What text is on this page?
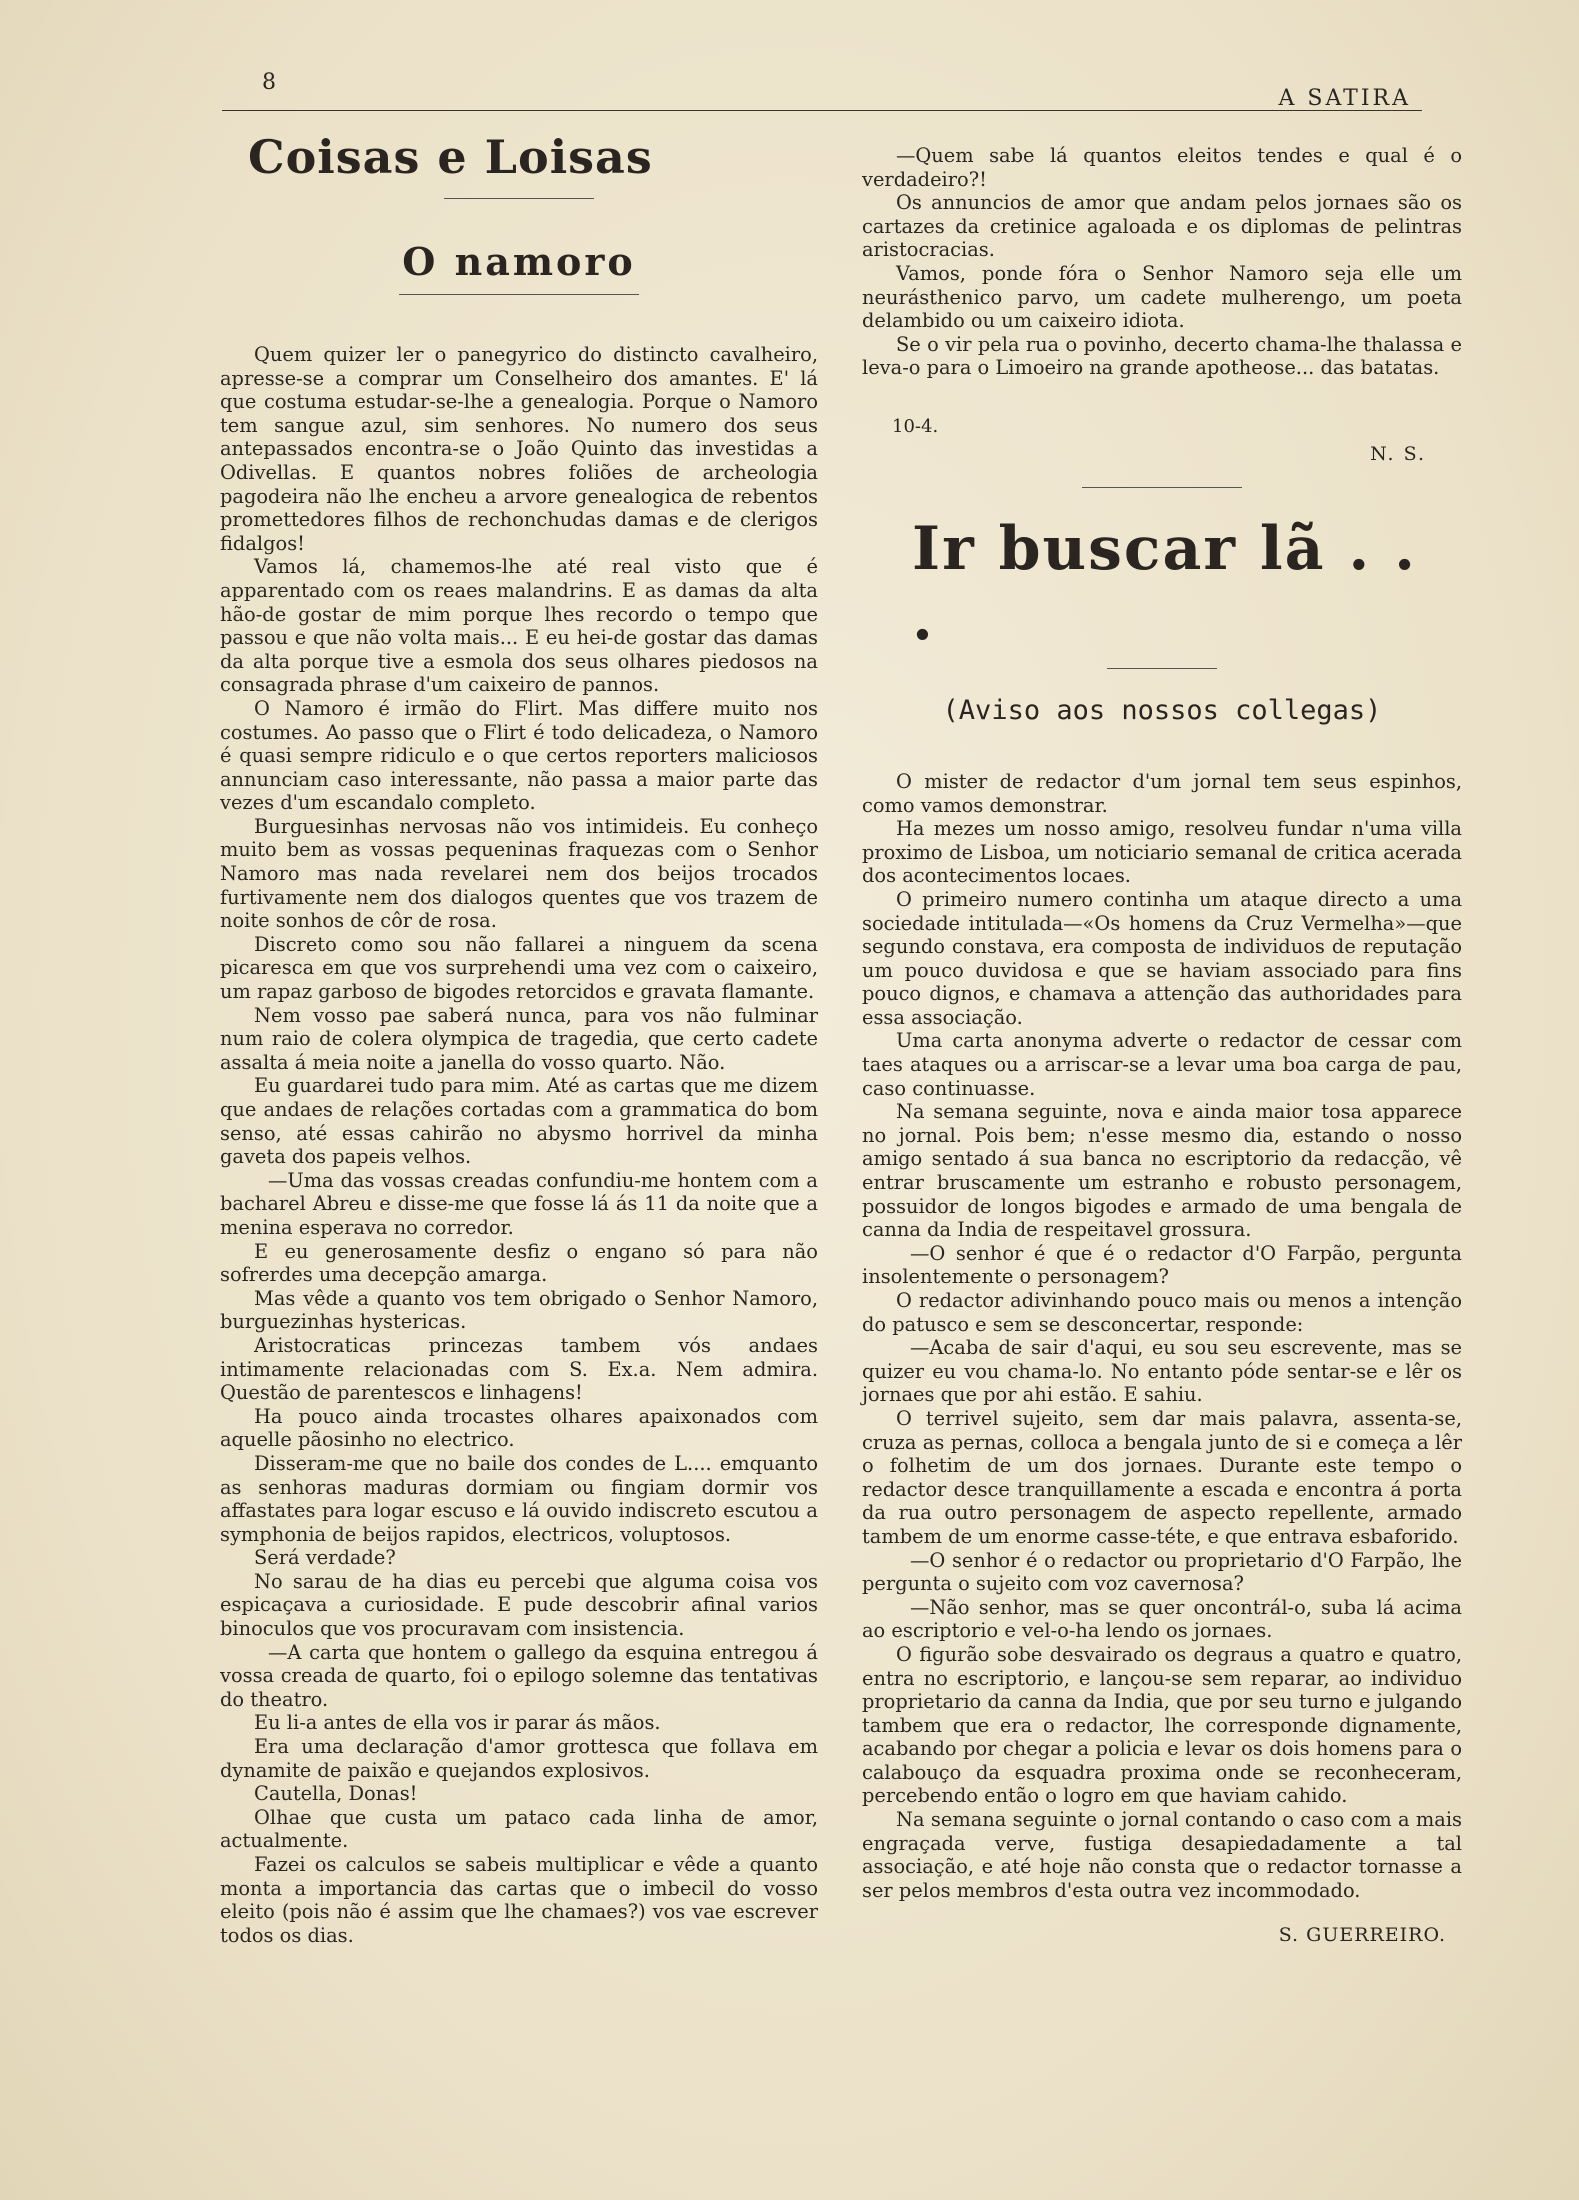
8
A SATIRA
Coisas e Loisas
O namoro

Quem quizer ler o panegyrico do distincto cavalheiro, apresse-se a comprar um Conselheiro dos amantes. E' lá que costuma estudar-se-lhe a genealogia. Porque o Namoro tem sangue azul, sim senhores. No numero dos seus antepassados encontra-se o João Quinto das investidas a Odivellas. E quantos nobres foliões de archeologia pagodeira não lhe encheu a arvore genealogica de rebentos promettedores filhos de rechonchudas damas e de clerigos fidalgos!

Vamos lá, chamemos-lhe até real visto que é apparentado com os reaes malandrins. E as damas da alta hão-de gostar de mim porque lhes recordo o tempo que passou e que não volta mais... E eu hei-de gostar das damas da alta porque tive a esmola dos seus olhares piedosos na consagrada phrase d'um caixeiro de pannos.

O Namoro é irmão do Flirt. Mas differe muito nos costumes. Ao passo que o Flirt é todo delicadeza, o Namoro é quasi sempre ridiculo e o que certos reporters maliciosos annunciam caso interessante, não passa a maior parte das vezes d'um escandalo completo.

Burguesinhas nervosas não vos intimideis. Eu conheço muito bem as vossas pequeninas fraquezas com o Senhor Namoro mas nada revelarei nem dos beijos trocados furtivamente nem dos dialogos quentes que vos trazem de noite sonhos de côr de rosa.

Discreto como sou não fallarei a ninguem da scena picaresca em que vos surprehendi uma vez com o caixeiro, um rapaz garboso de bigodes retorcidos e gravata flamante.

Nem vosso pae saberá nunca, para vos não fulminar num raio de colera olympica de tragedia, que certo cadete assalta á meia noite a janella do vosso quarto. Não.

Eu guardarei tudo para mim. Até as cartas que me dizem que andaes de relações cortadas com a grammatica do bom senso, até essas cahirão no abysmo horrivel da minha gaveta dos papeis velhos.

—Uma das vossas creadas confundiu-me hontem com a bacharel Abreu e disse-me que fosse lá ás 11 da noite que a menina esperava no corredor.

E eu generosamente desfiz o engano só para não sofrerdes uma decepção amarga.

Mas vêde a quanto vos tem obrigado o Senhor Namoro, burguezinhas hystericas.

Aristocraticas princezas tambem vós andaes intimamente relacionadas com S. Ex.a. Nem admira. Questão de parentescos e linhagens!

Ha pouco ainda trocastes olhares apaixonados com aquelle pãosinho no electrico.

Disseram-me que no baile dos condes de L.... emquanto as senhoras maduras dormiam ou fingiam dormir vos affastates para logar escuso e lá ouvido indiscreto escutou a symphonia de beijos rapidos, electricos, voluptosos.

Será verdade?

No sarau de ha dias eu percebi que alguma coisa vos espicaçava a curiosidade. E pude descobrir afinal varios binoculos que vos procuravam com insistencia.

—A carta que hontem o gallego da esquina entregou á vossa creada de quarto, foi o epilogo solemne das tentativas do theatro.

Eu li-a antes de ella vos ir parar ás mãos.

Era uma declaração d'amor grottesca que follava em dynamite de paixão e quejandos explosivos.

Cautella, Donas!

Olhae que custa um pataco cada linha de amor, actualmente.

Fazei os calculos se sabeis multiplicar e vêde a quanto monta a importancia das cartas que o imbecil do vosso eleito (pois não é assim que lhe chamaes?) vos vae escrever todos os dias.

—Quem sabe lá quantos eleitos tendes e qual é o verdadeiro?!

Os annuncios de amor que andam pelos jornaes são os cartazes da cretinice agaloada e os diplomas de pelintras aristocracias.

Vamos, ponde fóra o Senhor Namoro seja elle um neurásthenico parvo, um cadete mulherengo, um poeta delambido ou um caixeiro idiota.

Se o vir pela rua o povinho, decerto chama-lhe thalassa e leva-o para o Limoeiro na grande apotheose... das batatas.

10-4.
N. S.
Ir buscar lã . . .
(Aviso aos nossos collegas)

O mister de redactor d'um jornal tem seus espinhos, como vamos demonstrar.

Ha mezes um nosso amigo, resolveu fundar n'uma villa proximo de Lisboa, um noticiario semanal de critica acerada dos acontecimentos locaes.

O primeiro numero continha um ataque directo a uma sociedade intitulada—«Os homens da Cruz Vermelha»—que segundo constava, era composta de individuos de reputação um pouco duvidosa e que se haviam associado para fins pouco dignos, e chamava a attenção das authoridades para essa associação.

Uma carta anonyma adverte o redactor de cessar com taes ataques ou a arriscar-se a levar uma boa carga de pau, caso continuasse.

Na semana seguinte, nova e ainda maior tosa apparece no jornal. Pois bem; n'esse mesmo dia, estando o nosso amigo sentado á sua banca no escriptorio da redacção, vê entrar bruscamente um estranho e robusto personagem, possuidor de longos bigodes e armado de uma bengala de canna da India de respeitavel grossura.

—O senhor é que é o redactor d'O Farpão, pergunta insolentemente o personagem?

O redactor adivinhando pouco mais ou menos a intenção do patusco e sem se desconcertar, responde:

—Acaba de sair d'aqui, eu sou seu escrevente, mas se quizer eu vou chama-lo. No entanto póde sentar-se e lêr os jornaes que por ahi estão. E sahiu.

O terrivel sujeito, sem dar mais palavra, assenta-se, cruza as pernas, colloca a bengala junto de si e começa a lêr o folhetim de um dos jornaes. Durante este tempo o redactor desce tranquillamente a escada e encontra á porta da rua outro personagem de aspecto repellente, armado tambem de um enorme casse-téte, e que entrava esbaforido.

—O senhor é o redactor ou proprietario d'O Farpão, lhe pergunta o sujeito com voz cavernosa?

—Não senhor, mas se quer oncontrál-o, suba lá acima ao escriptorio e vel-o-ha lendo os jornaes.

O figurão sobe desvairado os degraus a quatro e quatro, entra no escriptorio, e lançou-se sem reparar, ao individuo proprietario da canna da India, que por seu turno e julgando tambem que era o redactor, lhe corresponde dignamente, acabando por chegar a policia e levar os dois homens para o calabouço da esquadra proxima onde se reconheceram, percebendo então o logro em que haviam cahido.

Na semana seguinte o jornal contando o caso com a mais engraçada verve, fustiga desapiedadamente a tal associação, e até hoje não consta que o redactor tornasse a ser pelos membros d'esta outra vez incommodado.

S. GUERREIRO.
